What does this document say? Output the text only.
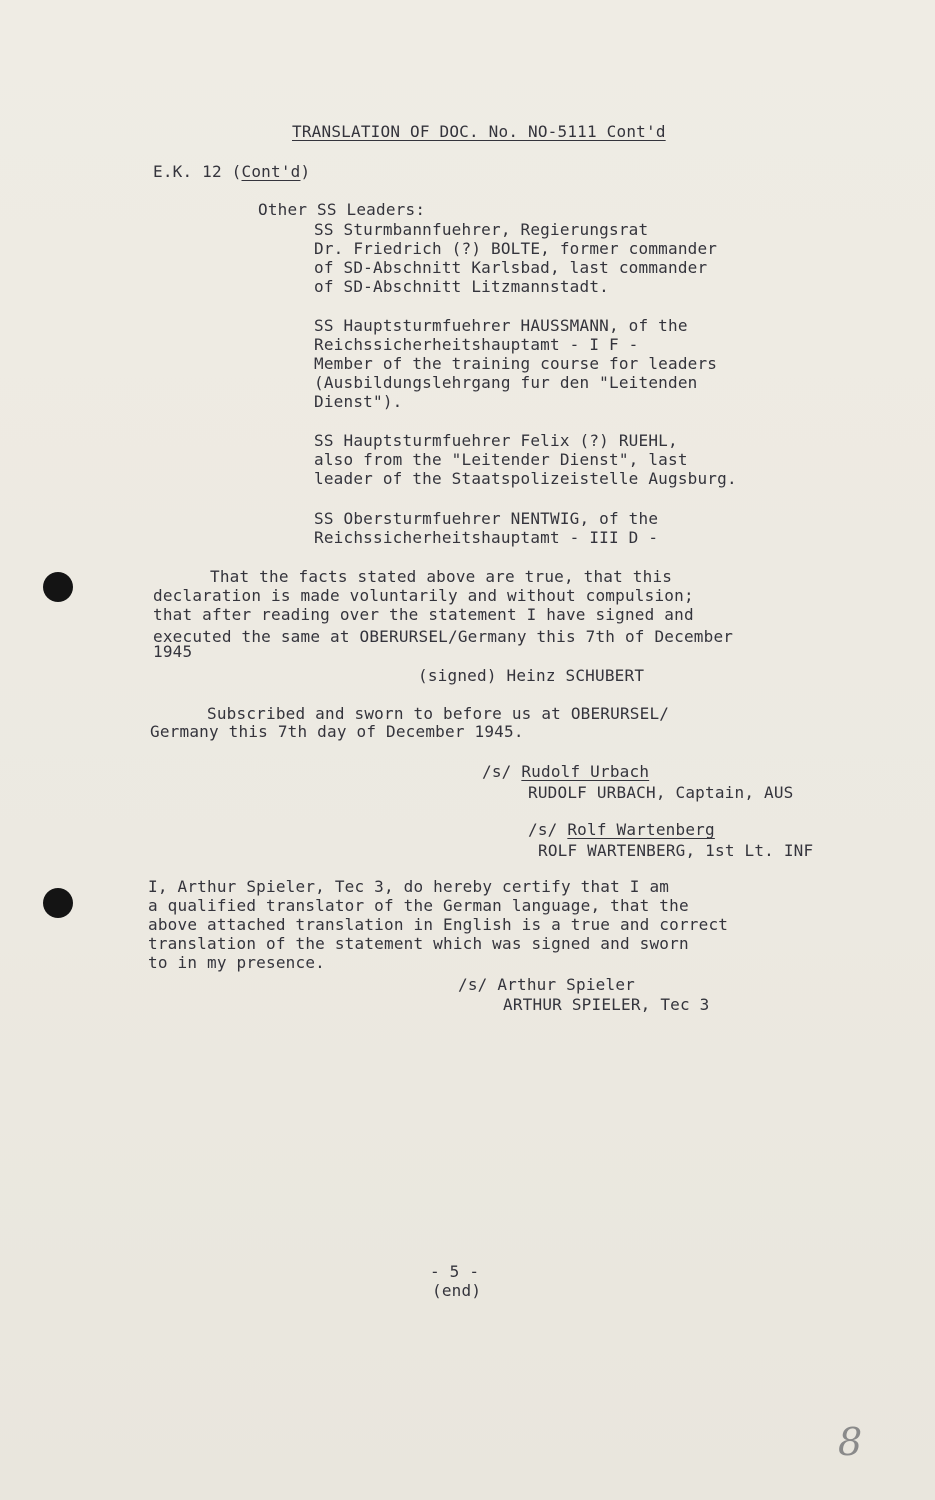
TRANSLATION OF DOC. No. NO-5111 Cont'd
E.K. 12 (Cont'd)
Other SS Leaders:
SS Sturmbannfuehrer, Regierungsrat
Dr. Friedrich (?) BOLTE, former commander
of SD-Abschnitt Karlsbad, last commander
of SD-Abschnitt Litzmannstadt.
SS Hauptsturmfuehrer HAUSSMANN, of the
Reichssicherheitshauptamt - I F -
Member of the training course for leaders
(Ausbildungslehrgang fur den "Leitenden
Dienst").
SS Hauptsturmfuehrer Felix (?) RUEHL,
also from the "Leitender Dienst", last
leader of the Staatspolizeistelle Augsburg.
SS Obersturmfuehrer NENTWIG, of the
Reichssicherheitshauptamt - III D -
That the facts stated above are true, that this
declaration is made voluntarily and without compulsion;
that after reading over the statement I have signed and
executed the same at OBERURSEL/Germany this 7th of December
1945
(signed) Heinz SCHUBERT
Subscribed and sworn to before us at OBERURSEL/
Germany this 7th day of December 1945.
/s/ Rudolf Urbach
RUDOLF URBACH, Captain, AUS
/s/ Rolf Wartenberg
ROLF WARTENBERG, 1st Lt. INF
I, Arthur Spieler, Tec 3, do hereby certify that I am
a qualified translator of the German language, that the
above attached translation in English is a true and correct
translation of the statement which was signed and sworn
to in my presence.
/s/ Arthur Spieler
ARTHUR SPIELER, Tec 3
- 5 -
(end)
8
